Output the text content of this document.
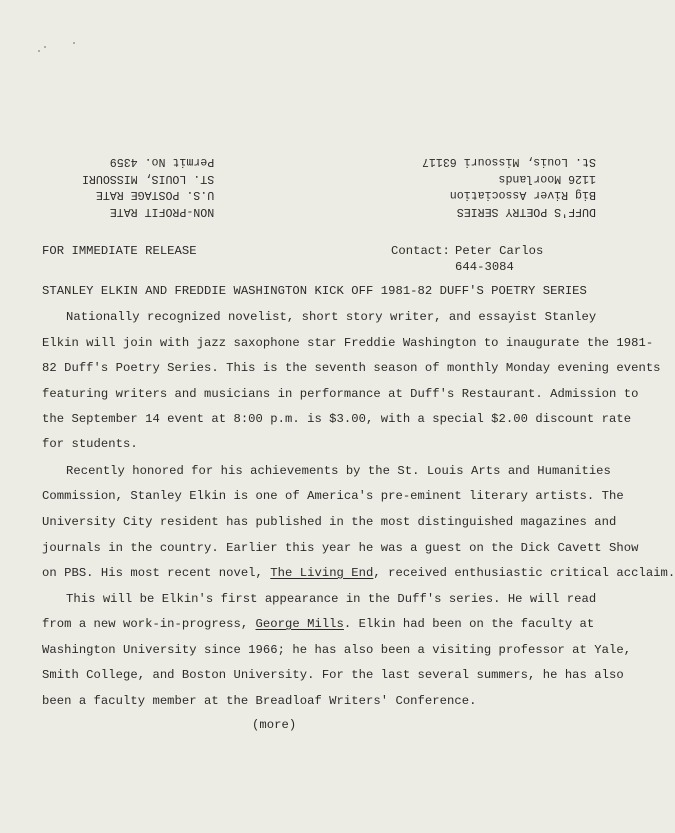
NON-PROFIT RATE
U.S. POSTAGE RATE
ST. LOUIS, MISSOURI
Permit No. 4359
DUFF'S POETRY SERIES
Big River Association
1126 Moorlands
St. Louis, Missouri 63117
FOR IMMEDIATE RELEASE	Contact: Peter Carlos
644-3084
STANLEY ELKIN AND FREDDIE WASHINGTON KICK OFF 1981-82 DUFF'S POETRY SERIES
Nationally recognized novelist, short story writer, and essayist Stanley
Elkin will join with jazz saxophone star Freddie Washington to inaugurate the 1981-
82 Duff's Poetry Series. This is the seventh season of monthly Monday evening events
featuring writers and musicians in performance at Duff's Restaurant. Admission to
the September 14 event at 8:00 p.m. is $3.00, with a special $2.00 discount rate
for students.
Recently honored for his achievements by the St. Louis Arts and Humanities
Commission, Stanley Elkin is one of America's pre-eminent literary artists. The
University City resident has published in the most distinguished magazines and
journals in the country. Earlier this year he was a guest on the Dick Cavett Show
on PBS. His most recent novel, The Living End, received enthusiastic critical acclaim.
This will be Elkin's first appearance in the Duff's series. He will read
from a new work-in-progress, George Mills. Elkin had been on the faculty at
Washington University since 1966; he has also been a visiting professor at Yale,
Smith College, and Boston University. For the last several summers, he has also
been a faculty member at the Breadloaf Writers' Conference.
(more)
